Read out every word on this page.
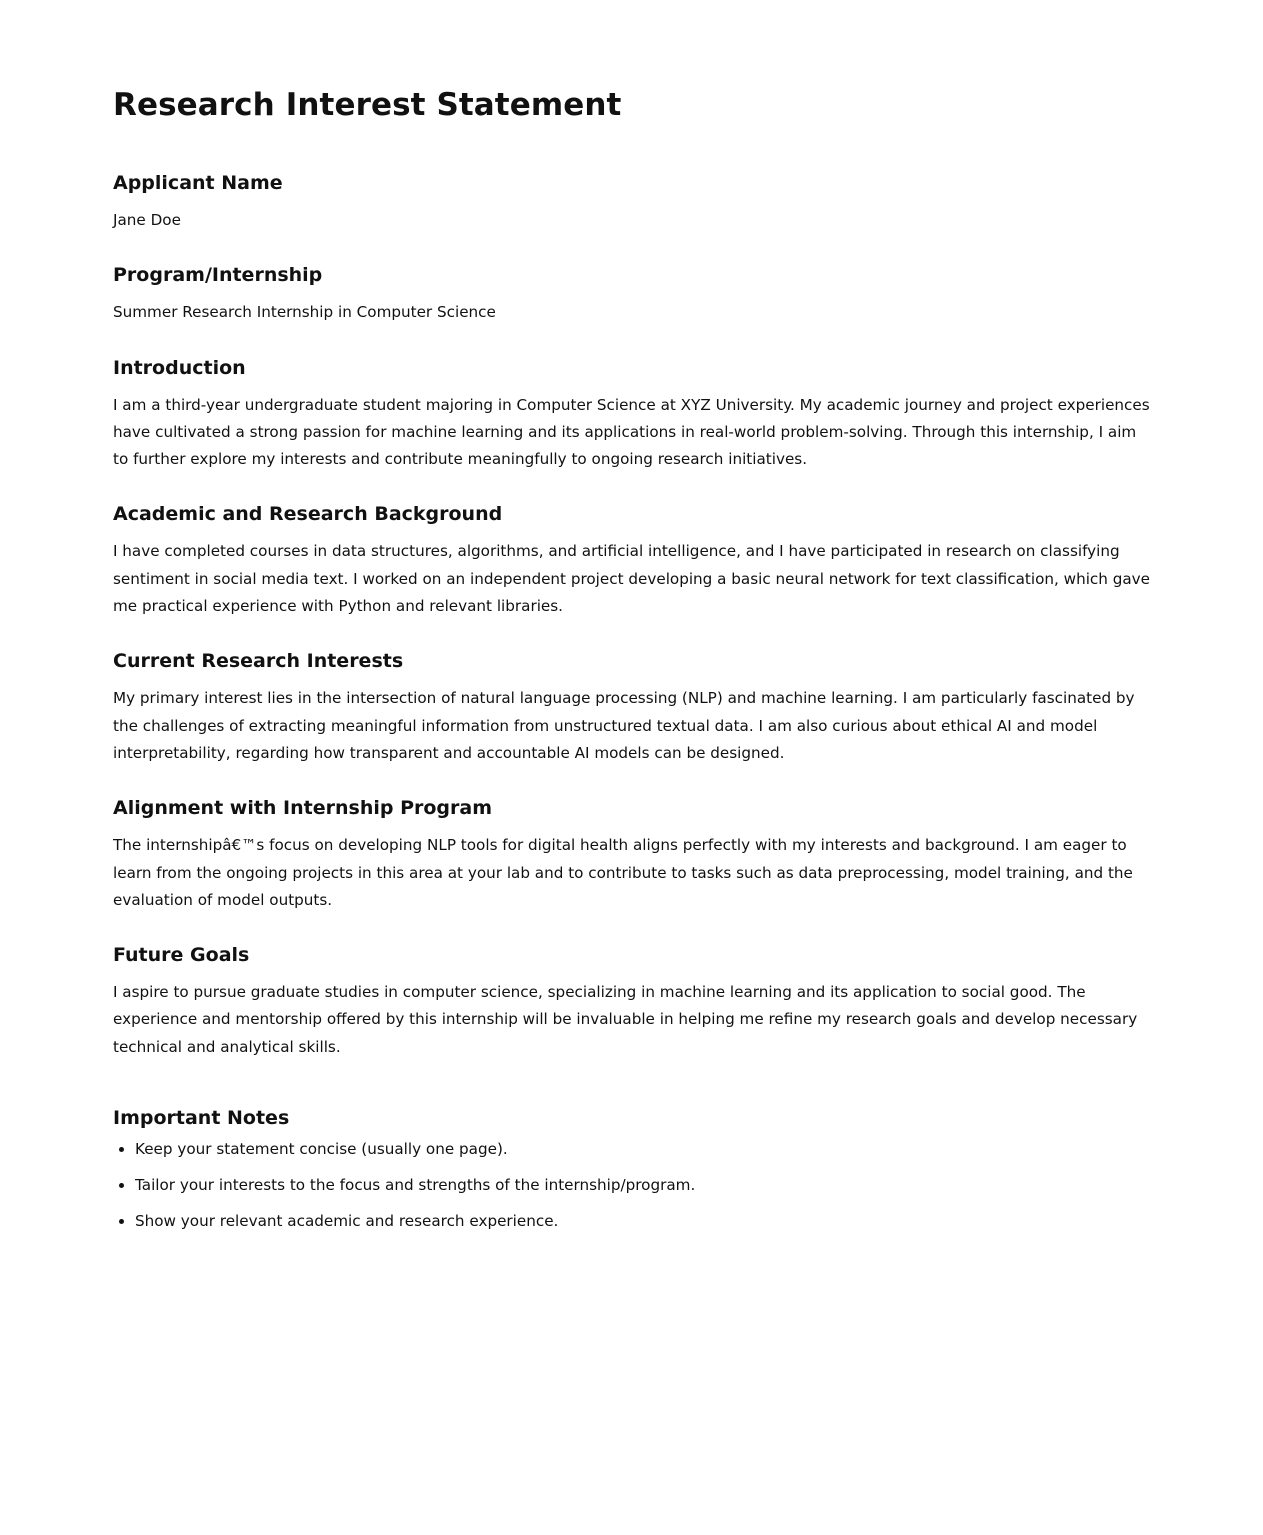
Research Interest Statement
Applicant Name

Jane Doe

Program/Internship

Summer Research Internship in Computer Science

Introduction

I am a third-year undergraduate student majoring in Computer Science at XYZ University. My academic journey and project experiences have cultivated a strong passion for machine learning and its applications in real-world problem-solving. Through this internship, I aim to further explore my interests and contribute meaningfully to ongoing research initiatives.

Academic and Research Background

I have completed courses in data structures, algorithms, and artificial intelligence, and I have participated in research on classifying sentiment in social media text. I worked on an independent project developing a basic neural network for text classification, which gave me practical experience with Python and relevant libraries.

Current Research Interests

My primary interest lies in the intersection of natural language processing (NLP) and machine learning. I am particularly fascinated by the challenges of extracting meaningful information from unstructured textual data. I am also curious about ethical AI and model interpretability, regarding how transparent and accountable AI models can be designed.

Alignment with Internship Program

The internshipâ€™s focus on developing NLP tools for digital health aligns perfectly with my interests and background. I am eager to learn from the ongoing projects in this area at your lab and to contribute to tasks such as data preprocessing, model training, and the evaluation of model outputs.

Future Goals

I aspire to pursue graduate studies in computer science, specializing in machine learning and its application to social good. The experience and mentorship offered by this internship will be invaluable in helping me refine my research goals and develop necessary technical and analytical skills.

Important Notes
• Keep your statement concise (usually one page).
• Tailor your interests to the focus and strengths of the internship/program.
• Show your relevant academic and research experience.
